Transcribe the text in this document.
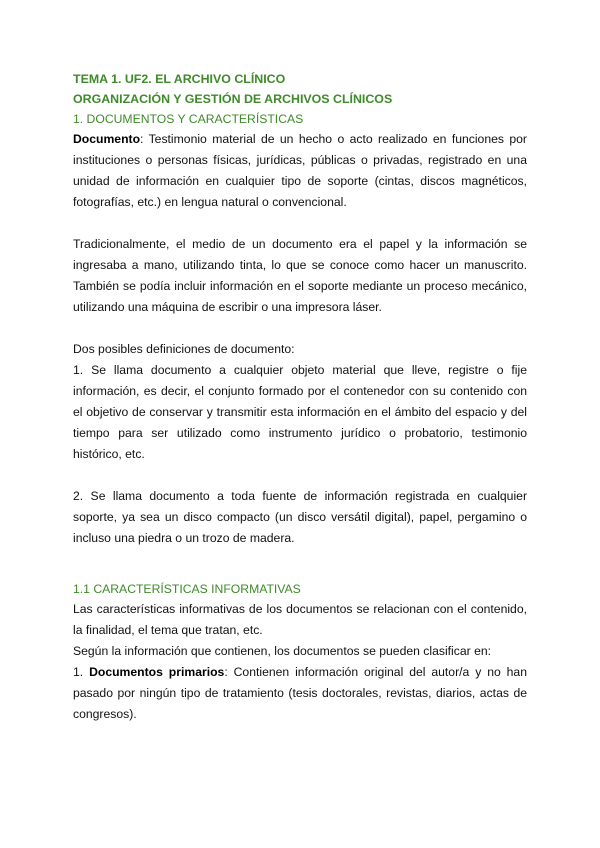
TEMA 1. UF2. EL ARCHIVO CLÍNICO
ORGANIZACIÓN Y GESTIÓN DE ARCHIVOS CLÍNICOS
1. DOCUMENTOS Y CARACTERÍSTICAS

Documento: Testimonio material de un hecho o acto realizado en funciones por instituciones o personas físicas, jurídicas, públicas o privadas, registrado en una unidad de información en cualquier tipo de soporte (cintas, discos magnéticos, fotografías, etc.) en lengua natural o convencional.

Tradicionalmente, el medio de un documento era el papel y la información se ingresaba a mano, utilizando tinta, lo que se conoce como hacer un manuscrito. También se podía incluir información en el soporte mediante un proceso mecánico, utilizando una máquina de escribir o una impresora láser.

Dos posibles definiciones de documento:

1. Se llama documento a cualquier objeto material que lleve, registre o fije información, es decir, el conjunto formado por el contenedor con su contenido con el objetivo de conservar y transmitir esta información en el ámbito del espacio y del tiempo para ser utilizado como instrumento jurídico o probatorio, testimonio histórico, etc.

2. Se llama documento a toda fuente de información registrada en cualquier soporte, ya sea un disco compacto (un disco versátil digital), papel, pergamino o incluso una piedra o un trozo de madera.

1.1 CARACTERÍSTICAS INFORMATIVAS

Las características informativas de los documentos se relacionan con el contenido, la finalidad, el tema que tratan, etc.

Según la información que contienen, los documentos se pueden clasificar en:

1. Documentos primarios: Contienen información original del autor/a y no han pasado por ningún tipo de tratamiento (tesis doctorales, revistas, diarios, actas de congresos).
